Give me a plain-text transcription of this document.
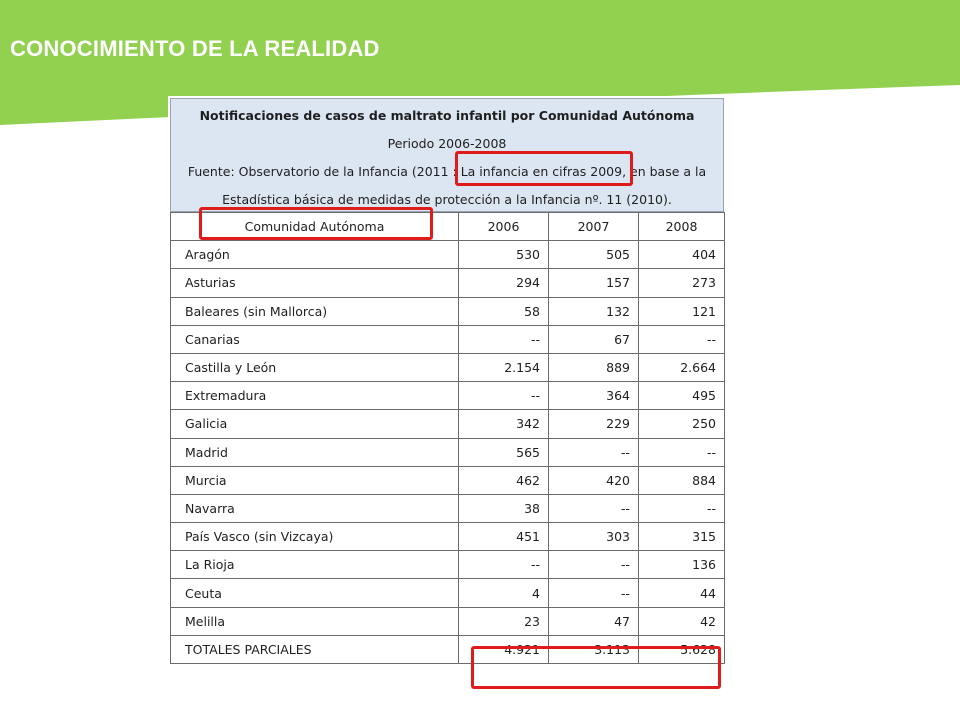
CONOCIMIENTO DE LA REALIDAD
Notificaciones de casos de maltrato infantil por Comunidad Autónoma
Periodo 2006-2008
Fuente: Observatorio de la Infancia (2011 : La infancia en cifras 2009, en base a la
Estadística básica de medidas de protección a la Infancia nº. 11 (2010).
Comunidad Autónoma	2006	2007	2008
Aragón	530	505	404
Asturias	294	157	273
Baleares (sin Mallorca)	58	132	121
Canarias	--	67	--
Castilla y León	2.154	889	2.664
Extremadura	--	364	495
Galicia	342	229	250
Madrid	565	--	--
Murcia	462	420	884
Navarra	38	--	--
País Vasco (sin Vizcaya)	451	303	315
La Rioja	--	--	136
Ceuta	4	--	44
Melilla	23	47	42
TOTALES PARCIALES	4.921	3.113	5.628
